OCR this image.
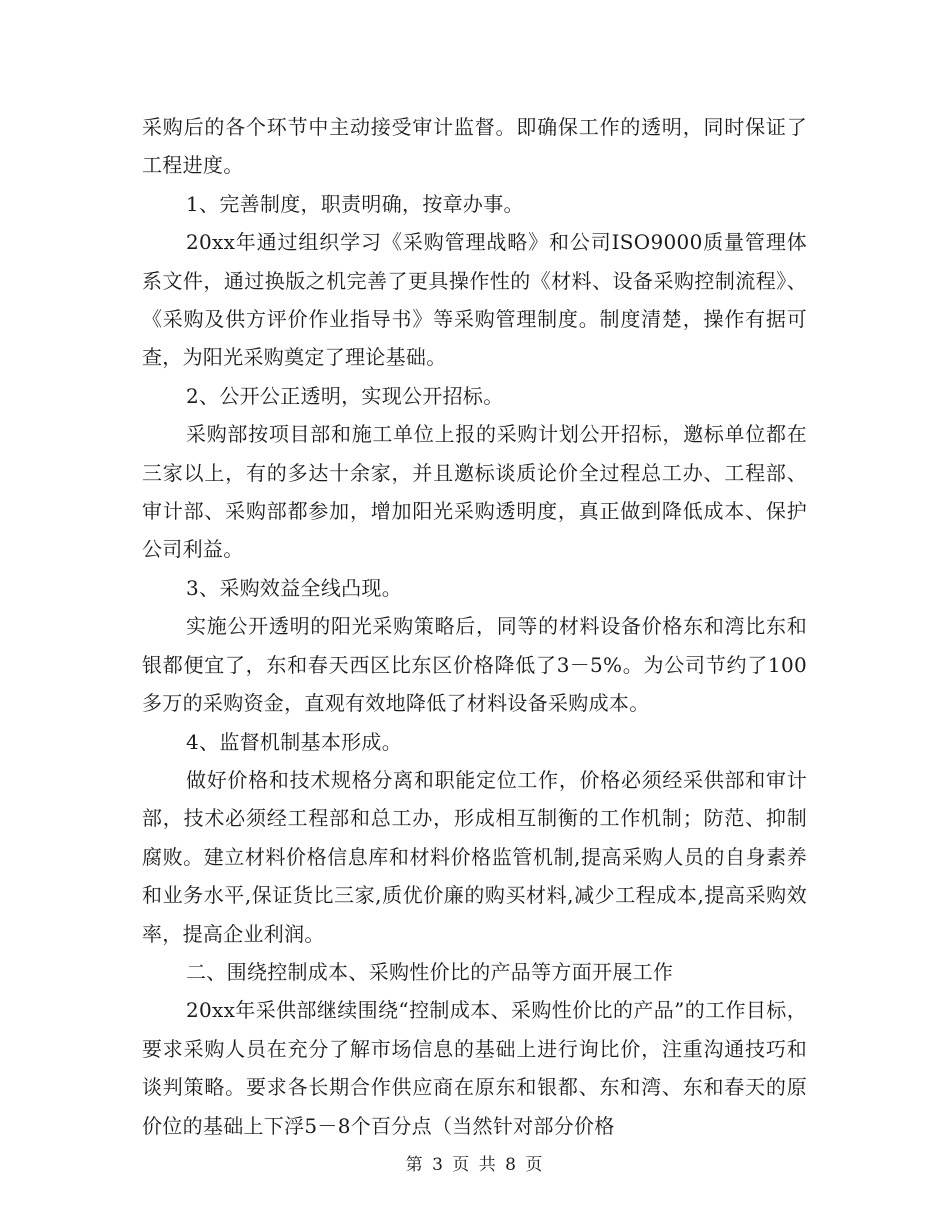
采购后的各个环节中主动接受审计监督。即确保工作的透明，同时保证了工程进度。

1、完善制度，职责明确，按章办事。

20xx年通过组织学习《采购管理战略》和公司ISO9000质量管理体系文件，通过换版之机完善了更具操作性的《材料、设备采购控制流程》、《采购及供方评价作业指导书》等采购管理制度。制度清楚，操作有据可查，为阳光采购奠定了理论基础。

2、公开公正透明，实现公开招标。

采购部按项目部和施工单位上报的采购计划公开招标，邀标单位都在三家以上，有的多达十余家，并且邀标谈质论价全过程总工办、工程部、审计部、采购部都参加，增加阳光采购透明度，真正做到降低成本、保护公司利益。

3、采购效益全线凸现。

实施公开透明的阳光采购策略后，同等的材料设备价格东和湾比东和银都便宜了，东和春天西区比东区价格降低了3－5%。为公司节约了100多万的采购资金，直观有效地降低了材料设备采购成本。

4、监督机制基本形成。

做好价格和技术规格分离和职能定位工作，价格必须经采供部和审计部，技术必须经工程部和总工办，形成相互制衡的工作机制；防范、抑制腐败。建立材料价格信息库和材料价格监管机制,提高采购人员的自身素养和业务水平,保证货比三家,质优价廉的购买材料,减少工程成本,提高采购效率，提高企业利润。

二、围绕控制成本、采购性价比的产品等方面开展工作

20xx年采供部继续围绕“控制成本、采购性价比的产品”的工作目标，要求采购人员在充分了解市场信息的基础上进行询比价，注重沟通技巧和谈判策略。要求各长期合作供应商在原东和银都、东和湾、东和春天的原价位的基础上下浮5－8个百分点（当然针对部分价格

第 3 页 共 8 页
